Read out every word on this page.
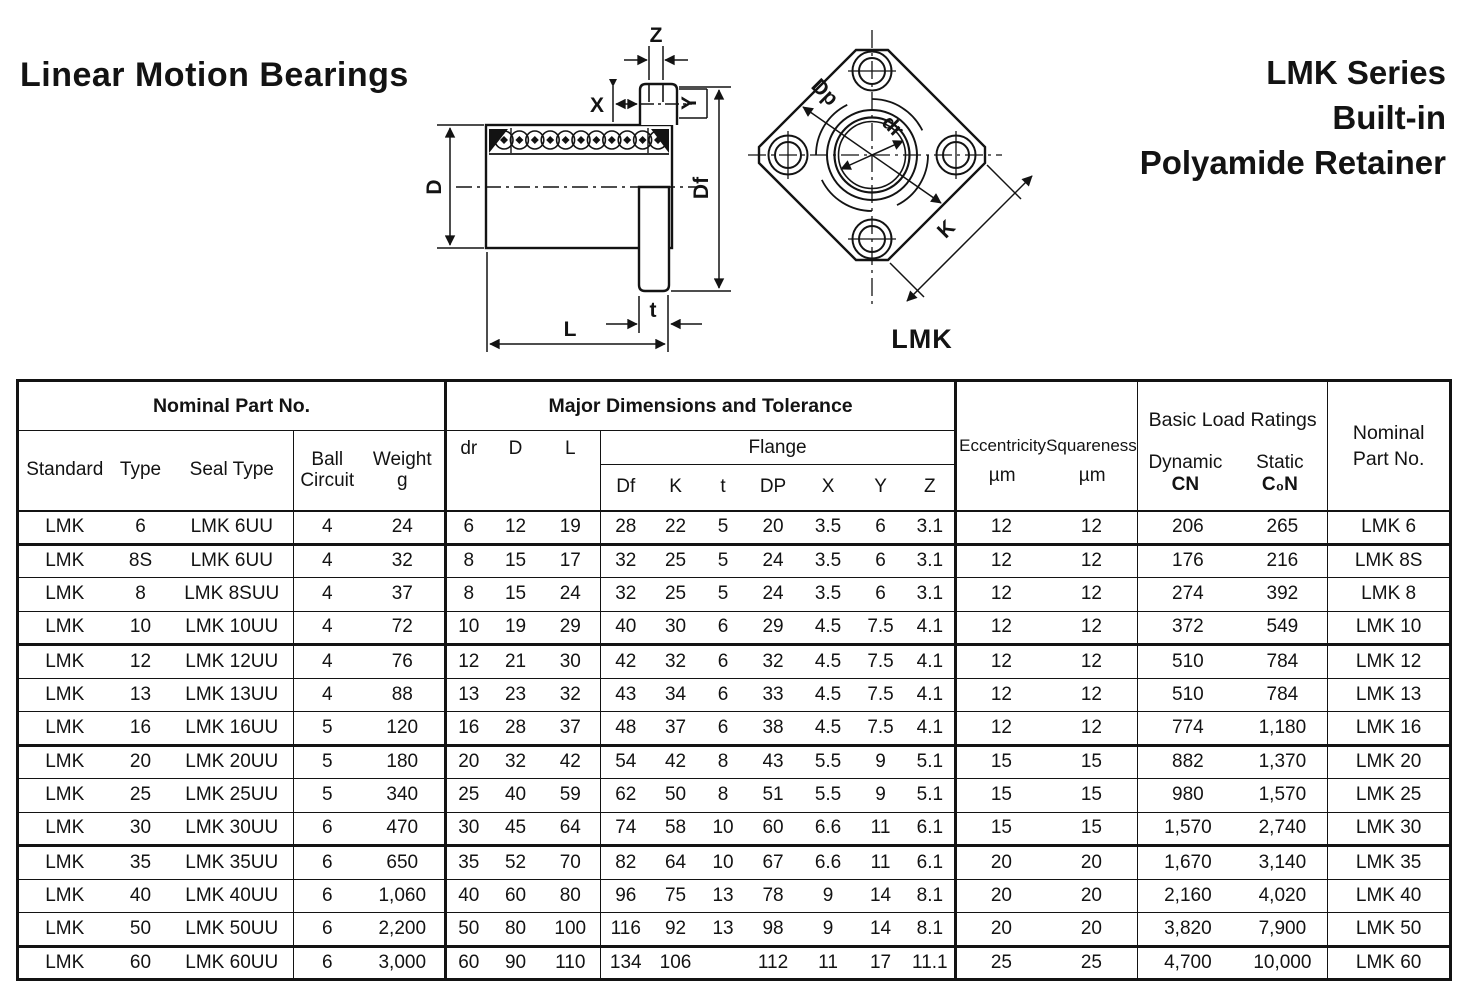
Linear Motion Bearings	LMK Series
Built-in
Polyamide Retainer
D	Df
L
t
Z
X	Y	Dp
dr
K
LMK
Nominal Part No.	Major Dimensions and Tolerance	
Eccentricity Squareness
µm	µm

Basic Load Ratings
Dynamic
CN
Static
C₀N

Nominal
Part No.

Standard	Type	Seal Type	Ball
Circuit

Weight
g
	dr	D	L	Flange
								Df	K	t	DP	X	Y	Z					
LMK	6	LMK 6UU	4	24	6	12	19	28	22	5	20	3.5	6	3.1	12	12	206	265	LMK 6
LMK	8S	LMK 6UU	4	32	8	15	17	32	25	5	24	3.5	6	3.1	12	12	176	216	LMK 8S
LMK	8	LMK 8SUU	4	37	8	15	24	32	25	5	24	3.5	6	3.1	12	12	274	392	LMK 8
LMK	10	LMK 10UU	4	72	10	19	29	40	30	6	29	4.5	7.5	4.1	12	12	372	549	LMK 10
LMK	12	LMK 12UU	4	76	12	21	30	42	32	6	32	4.5	7.5	4.1	12	12	510	784	LMK 12
LMK	13	LMK 13UU	4	88	13	23	32	43	34	6	33	4.5	7.5	4.1	12	12	510	784	LMK 13
LMK	16	LMK 16UU	5	120	16	28	37	48	37	6	38	4.5	7.5	4.1	12	12	774	1,180	LMK 16
LMK	20	LMK 20UU	5	180	20	32	42	54	42	8	43	5.5	9	5.1	15	15	882	1,370	LMK 20
LMK	25	LMK 25UU	5	340	25	40	59	62	50	8	51	5.5	9	5.1	15	15	980	1,570	LMK 25
LMK	30	LMK 30UU	6	470	30	45	64	74	58	10	60	6.6	11	6.1	15	15	1,570	2,740	LMK 30
LMK	35	LMK 35UU	6	650	35	52	70	82	64	10	67	6.6	11	6.1	20	20	1,670	3,140	LMK 35
LMK	40	LMK 40UU	6	1,060	40	60	80	96	75	13	78	9	14	8.1	20	20	2,160	4,020	LMK 40
LMK	50	LMK 50UU	6	2,200	50	80	100	116	92	13	98	9	14	8.1	20	20	3,820	7,900	LMK 50
LMK	60	LMK 60UU	6	3,000	60	90	110	134	106		112	11	17	11.1	25	25	4,700	10,000	LMK 60
